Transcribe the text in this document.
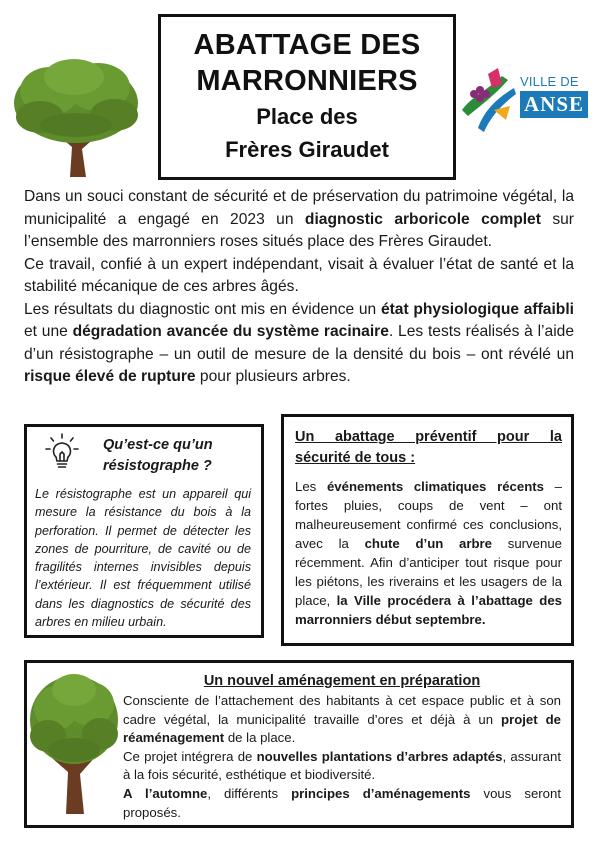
ABATTAGE DES
MARRONNIERS
Place des
Frères Giraudet
VILLE DE
ANSE

Dans un souci constant de sécurité et de préservation du patrimoine végétal, la municipalité a engagé en 2023 un diagnostic arboricole complet sur l’ensemble des marronniers roses situés place des Frères Giraudet.

Ce travail, confié à un expert indépendant, visait à évaluer l’état de santé et la stabilité mécanique de ces arbres âgés.

Les résultats du diagnostic ont mis en évidence un état physiologique affaibli et une dégradation avancée du système racinaire. Les tests réalisés à l’aide d’un résistographe – un outil de mesure de la densité du bois – ont révélé un risque élevé de rupture pour plusieurs arbres.

Qu’est-ce qu’un résistographe ?
Le résistographe est un appareil qui mesure la résistance du bois à la perforation. Il permet de détecter les zones de pourriture, de cavité ou de fragilités internes invisibles depuis l’extérieur. Il est fréquemment utilisé dans les diagnostics de sécurité des arbres en milieu urbain.
Un abattage préventif pour la
sécurité de tous :
Les événements climatiques récents – fortes pluies, coups de vent – ont malheureusement confirmé ces conclusions, avec la chute d’un arbre survenue récemment. Afin d’anticiper tout risque pour les piétons, les riverains et les usagers de la place, la Ville procédera à l’abattage des marronniers début septembre.
Un nouvel aménagement en préparation

Consciente de l’attachement des habitants à cet espace public et à son cadre végétal, la municipalité travaille d’ores et déjà à un projet de réaménagement de la place.

Ce projet intégrera de nouvelles plantations d’arbres adaptés, assurant à la fois sécurité, esthétique et biodiversité.

A l’automne, différents principes d’aménagements vous seront proposés.
